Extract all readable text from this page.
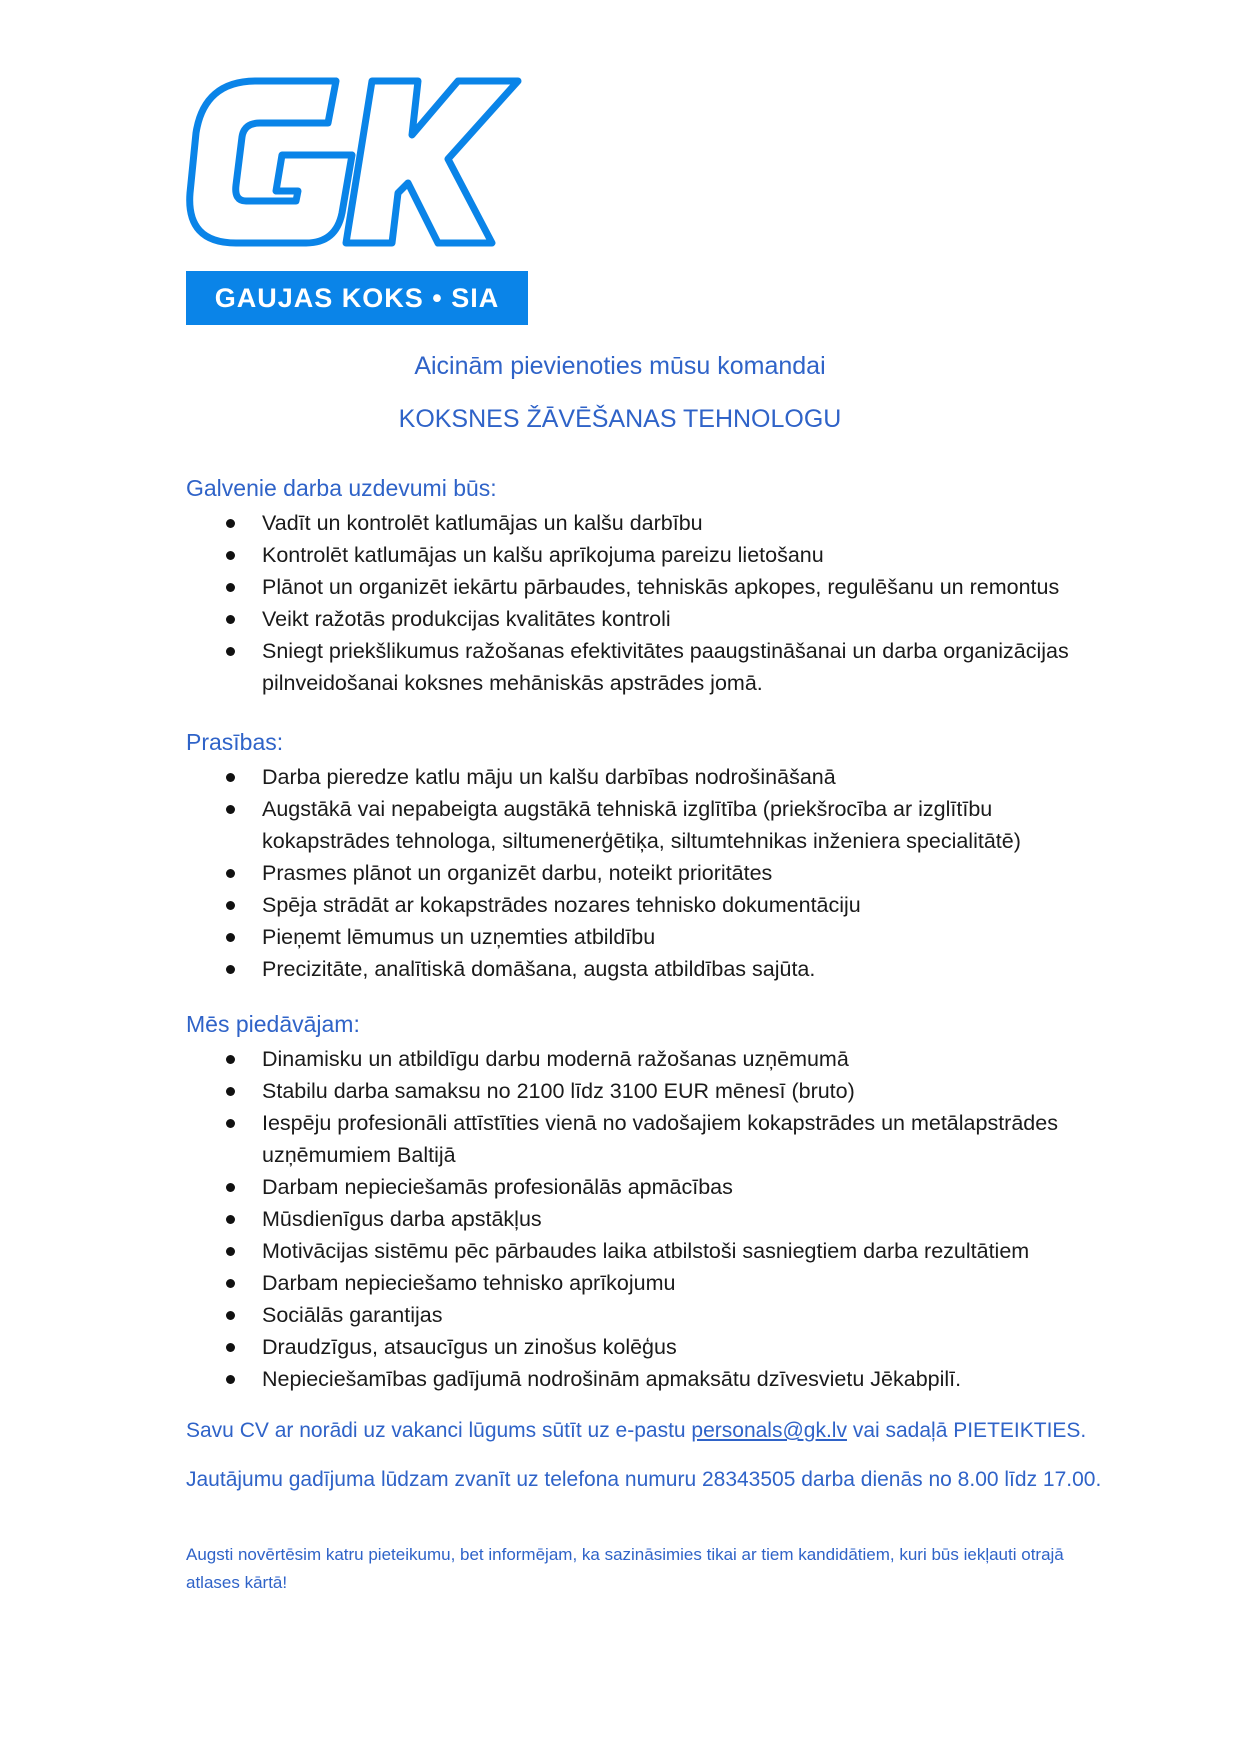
GAUJAS KOKS • SIA
Aicinām pievienoties mūsu komandai
KOKSNES ŽĀVĒŠANAS TEHNOLOGU
Galvenie darba uzdevumi būs:
Vadīt un kontrolēt katlumājas un kalšu darbību
Kontrolēt katlumājas un kalšu aprīkojuma pareizu lietošanu
Plānot un organizēt iekārtu pārbaudes, tehniskās apkopes, regulēšanu un remontus
Veikt ražotās produkcijas kvalitātes kontroli
Sniegt priekšlikumus ražošanas efektivitātes paaugstināšanai un darba organizācijas pilnveidošanai koksnes mehāniskās apstrādes jomā.
Prasības:
Darba pieredze katlu māju un kalšu darbības nodrošināšanā
Augstākā vai nepabeigta augstākā tehniskā izglītība (priekšrocība ar izglītību kokapstrādes tehnologa, siltumenerģētiķa, siltumtehnikas inženiera specialitātē)
Prasmes plānot un organizēt darbu, noteikt prioritātes
Spēja strādāt ar kokapstrādes nozares tehnisko dokumentāciju
Pieņemt lēmumus un uzņemties atbildību
Precizitāte, analītiskā domāšana, augsta atbildības sajūta.
Mēs piedāvājam:
Dinamisku un atbildīgu darbu modernā ražošanas uzņēmumā
Stabilu darba samaksu no 2100 līdz 3100 EUR mēnesī (bruto)
Iespēju profesionāli attīstīties vienā no vadošajiem kokapstrādes un metālapstrādes uzņēmumiem Baltijā
Darbam nepieciešamās profesionālās apmācības
Mūsdienīgus darba apstākļus
Motivācijas sistēmu pēc pārbaudes laika atbilstoši sasniegtiem darba rezultātiem
Darbam nepieciešamo tehnisko aprīkojumu
Sociālās garantijas
Draudzīgus, atsaucīgus un zinošus kolēģus
Nepieciešamības gadījumā nodrošinām apmaksātu dzīvesvietu Jēkabpilī.
Savu CV ar norādi uz vakanci lūgums sūtīt uz e-pastu personals@gk.lv vai sadaļā PIETEIKTIES.
Jautājumu gadījuma lūdzam zvanīt uz telefona numuru 28343505 darba dienās no 8.00 līdz 17.00.
Augsti novērtēsim katru pieteikumu, bet informējam, ka sazināsimies tikai ar tiem kandidātiem, kuri būs iekļauti otrajā atlases kārtā!
